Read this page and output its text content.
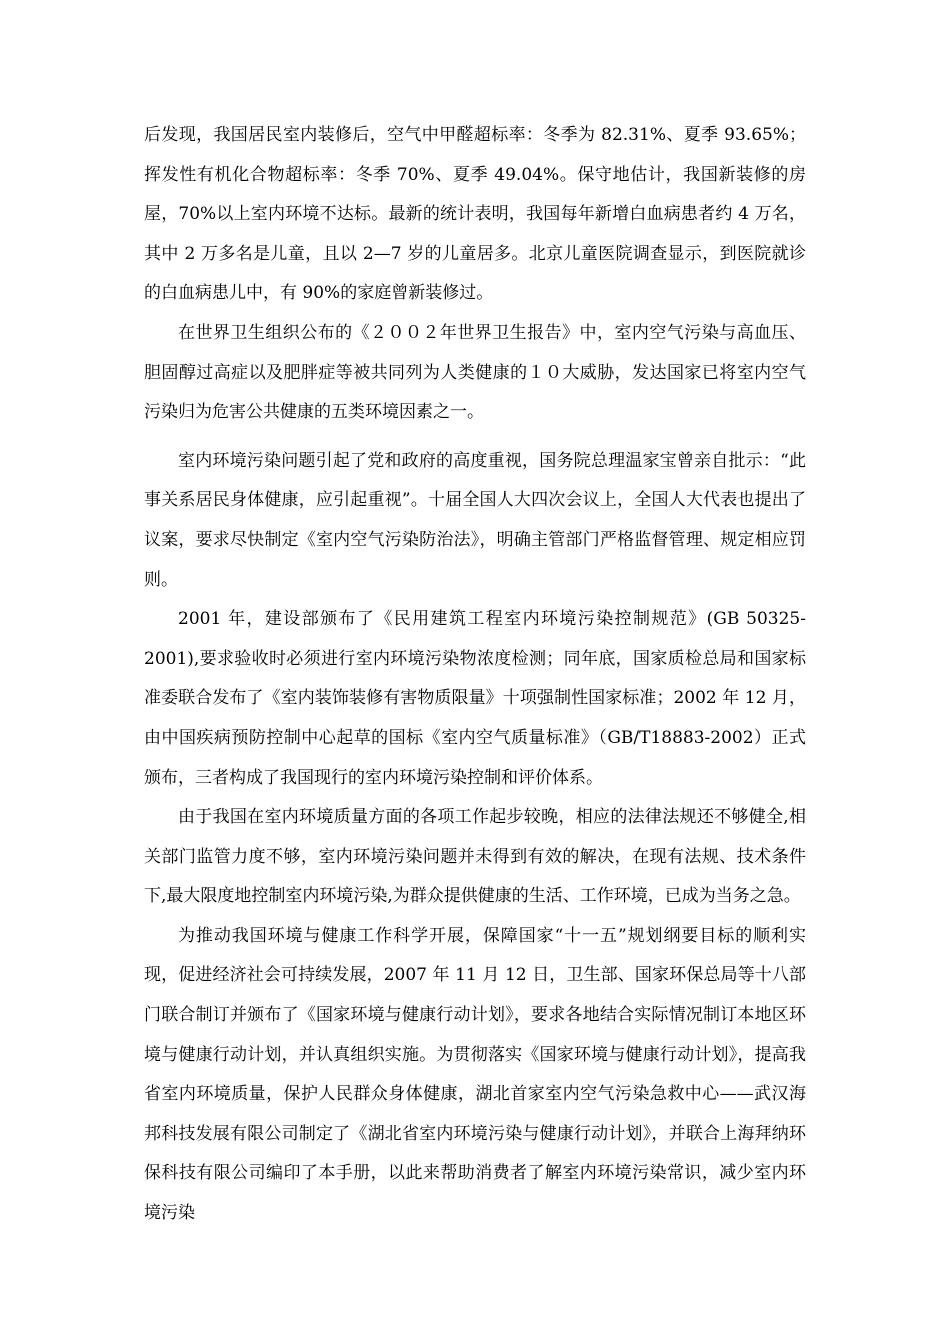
后发现，我国居民室内装修后，空气中甲醛超标率：冬季为 82.31%、夏季 93.65%；挥发性有机化合物超标率：冬季 70%、夏季 49.04%。保守地估计，我国新装修的房屋，70%以上室内环境不达标。最新的统计表明，我国每年新增白血病患者约 4 万名，其中 2 万多名是儿童，且以 2—7 岁的儿童居多。北京儿童医院调查显示，到医院就诊的白血病患儿中，有 90%的家庭曾新装修过。

在世界卫生组织公布的《２００２年世界卫生报告》中，室内空气污染与高血压、胆固醇过高症以及肥胖症等被共同列为人类健康的１０大威胁，发达国家已将室内空气污染归为危害公共健康的五类环境因素之一。

室内环境污染问题引起了党和政府的高度重视，国务院总理温家宝曾亲自批示：“此事关系居民身体健康，应引起重视”。十届全国人大四次会议上，全国人大代表也提出了议案，要求尽快制定《室内空气污染防治法》，明确主管部门严格监督管理、规定相应罚则。

2001 年，建设部颁布了《民用建筑工程室内环境污染控制规范》(GB 50325-2001),要求验收时必须进行室内环境污染物浓度检测；同年底，国家质检总局和国家标准委联合发布了《室内装饰装修有害物质限量》十项强制性国家标准；2002 年 12 月，由中国疾病预防控制中心起草的国标《室内空气质量标准》（GB/T18883-2002）正式颁布，三者构成了我国现行的室内环境污染控制和评价体系。

由于我国在室内环境质量方面的各项工作起步较晚，相应的法律法规还不够健全,相关部门监管力度不够，室内环境污染问题并未得到有效的解决，在现有法规、技术条件下,最大限度地控制室内环境污染,为群众提供健康的生活、工作环境，已成为当务之急。

为推动我国环境与健康工作科学开展，保障国家“十一五”规划纲要目标的顺利实现，促进经济社会可持续发展，2007 年 11 月 12 日，卫生部、国家环保总局等十八部门联合制订并颁布了《国家环境与健康行动计划》，要求各地结合实际情况制订本地区环境与健康行动计划，并认真组织实施。为贯彻落实《国家环境与健康行动计划》，提高我省室内环境质量，保护人民群众身体健康，湖北首家室内空气污染急救中心——武汉海邦科技发展有限公司制定了《湖北省室内环境污染与健康行动计划》，并联合上海拜纳环保科技有限公司编印了本手册，以此来帮助消费者了解室内环境污染常识，减少室内环境污染
